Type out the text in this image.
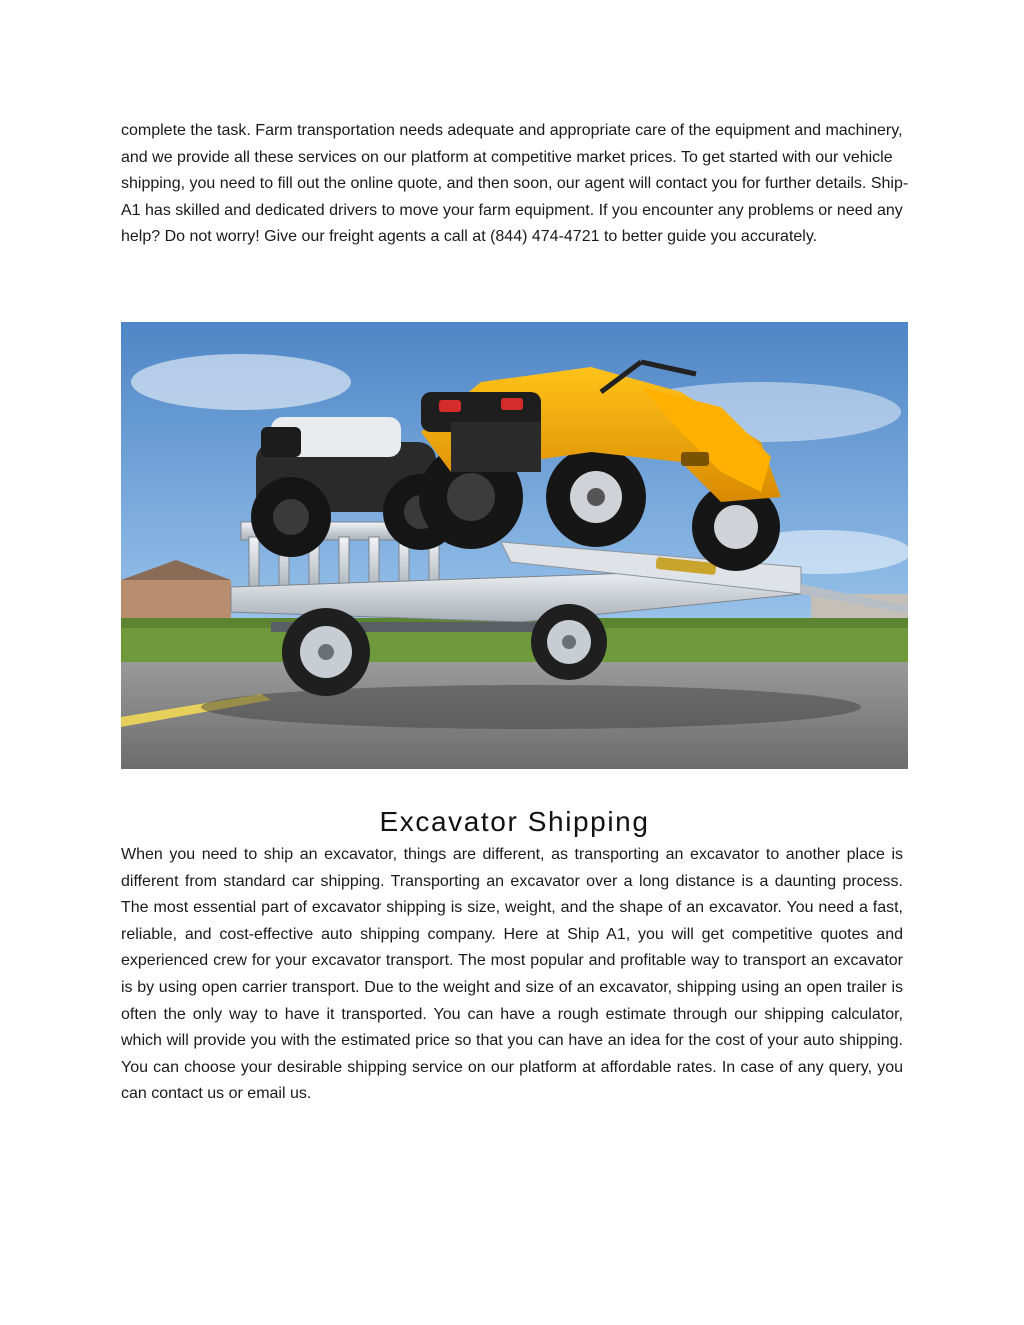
complete the task. Farm transportation needs adequate and appropriate care of the equipment and machinery, and we provide all these services on our platform at competitive market prices. To get started with our vehicle shipping, you need to fill out the online quote, and then soon, our agent will contact you for further details. Ship-A1 has skilled and dedicated drivers to move your farm equipment. If you encounter any problems or need any help? Do not worry! Give our freight agents a call at (844) 474-4721 to better guide you accurately.

Excavator Shipping

When you need to ship an excavator, things are different, as transporting an excavator to another place is different from standard car shipping. Transporting an excavator over a long distance is a daunting process. The most essential part of excavator shipping is size, weight, and the shape of an excavator. You need a fast, reliable, and cost-effective auto shipping company. Here at Ship A1, you will get competitive quotes and experienced crew for your excavator transport. The most popular and profitable way to transport an excavator is by using open carrier transport. Due to the weight and size of an excavator, shipping using an open trailer is often the only way to have it transported. You can have a rough estimate through our shipping calculator, which will provide you with the estimated price so that you can have an idea for the cost of your auto shipping. You can choose your desirable shipping service on our platform at affordable rates. In case of any query, you can contact us or email us.
